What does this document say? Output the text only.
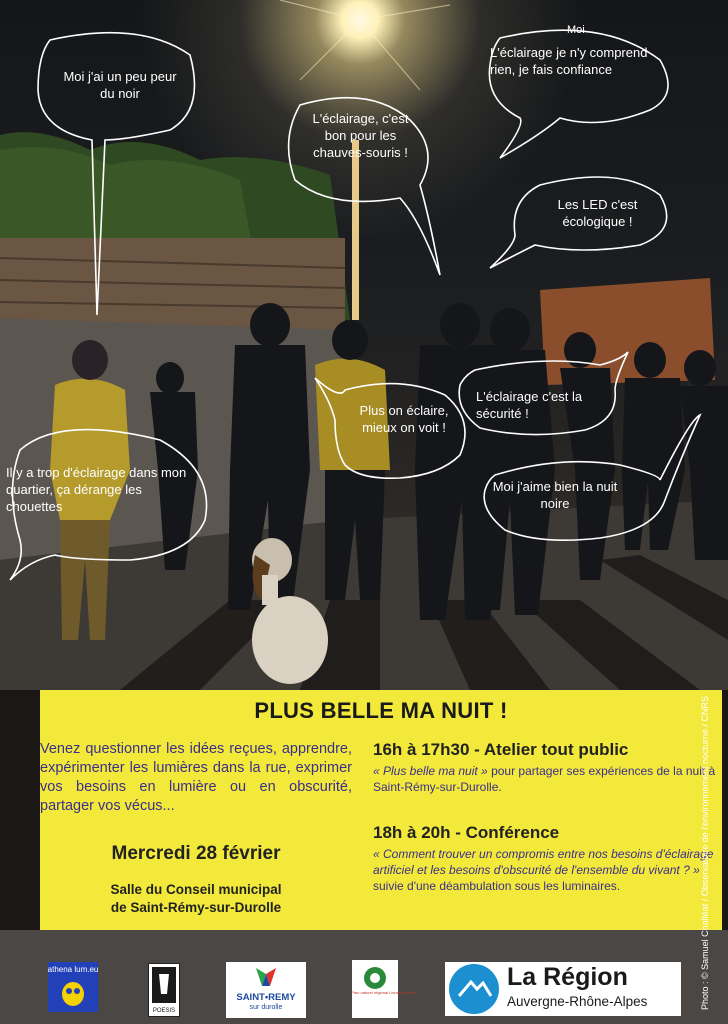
Moi j'ai un peu peur du noir
L'éclairage, c'est bon pour les chauves-souris !
Moi
L'éclairage je n'y comprend rien, je fais confiance
Les LED c'est écologique !
Il y a trop d'éclairage dans mon quartier, ça dérange les chouettes
Plus on éclaire, mieux on voit !
L'éclairage c'est la sécurité !
Moi j'aime bien la nuit noire
PLUS BELLE MA NUIT !
Venez questionner les idées reçues, apprendre, expérimenter les lumières dans la rue, exprimer vos besoins en lumière ou en obscurité, partager vos vécus...
Mercredi 28 février
Salle du Conseil municipal
de Saint-Rémy-sur-Durolle
16h à 17h30 - Atelier tout public
« Plus belle ma nuit » pour partager ses expériences de la nuit à Saint-Rémy-sur-Durolle.
18h à 20h - Conférence
« Comment trouver un compromis entre nos besoins d'éclairage artificiel et les besoins d'obscurité de l'ensemble du vivant ? » suivie d'une déambulation sous les luminaires.
athena lum.eu
POESIS
SAINT•REMY
sur durolle
Parc naturel régional Livradois-Forez
La Région
Auvergne-Rhône-Alpes	Photo : © Samuel Challéat / Observatoire de l'environnement nocturne / CNRS
